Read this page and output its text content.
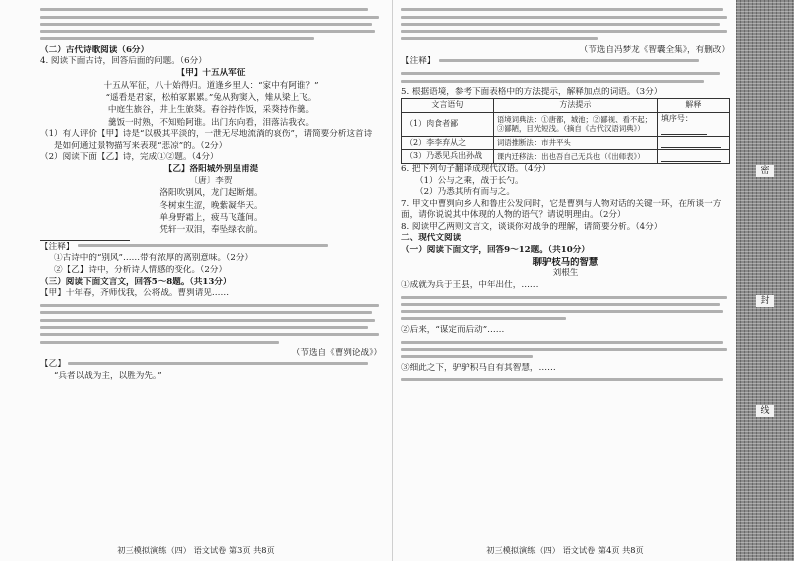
（二）古代诗歌阅读（6分）
4. 阅读下面古诗，回答后面的问题。（6分）
【甲】十五从军征
十五从军征，八十始得归。道逢乡里人：“家中有阿谁？”
“遥看是君家，松柏冢累累。”兔从狗窦入，雉从梁上飞。
中庭生旅谷，井上生旅葵。舂谷持作饭，采葵持作羹。
羹饭一时熟，不知贻阿谁。出门东向看，泪落沾我衣。
（1）有人评价【甲】诗是“以极其平淡的，一泄无尽地流淌的哀伤”，请简要分析这首诗
是如何通过景物描写来表现“悲凉”的。（2分）
（2）阅读下面【乙】诗，完成①②题。（4分）
【乙】洛阳城外别皇甫湜
〔唐〕李贺
洛阳吹别风，龙门起断烟。
冬树束生涩，晚紫凝华天。
单身野霜上，疲马飞蓬间。
凭轩一双泪，奉坠绿衣前。
【注释】
①古诗中的“别风”……带有浓厚的离别意味。（2分）
②【乙】诗中，分析诗人情感的变化。（2分）
（三）阅读下面文言文，回答5～8题。（共13分）
【甲】十年春，齐师伐我，公将战。曹刿请见……
（节选自《曹刿论战》）
【乙】
“兵者以战为主，以胜为先。”
初三模拟演练（四） 语文试卷 第3页 共8页
（节选自冯梦龙《智囊全集》，有删改）
【注释】
5. 根据语境，参考下面表格中的方法提示，解释加点的词语。（3分）
文言语句	方法提示	解释
（1）肉食者鄙	语境词典法：①唐都，城池；②鄙视、看不起；③鄙陋，目光短浅。（摘自《古代汉语词典》）	填序号：
（2）李李弃从之	词语推断法：市井平头	
（3）乃悉见兵出孙战	课内迁移法：出也吾自己无兵也（《出师表》）	
6. 把下列句子翻译成现代汉语。（4分）
（1）公与之乘，战于长勺。
（2）乃悉其所有而与之。
7. 甲文中曹刿向乡人和鲁庄公发问时，它是曹刿与人物对话的关键一环，在所谈一方面，请你说说其中体现的人物的语气？请说明理由。（2分）
8. 阅读甲乙两则文言文，谈谈你对战争的理解，请简要分析。（4分）
二、现代文阅读
（一）阅读下面文字，回答9～12题。（共10分）
聊驴枝马的智慧
刘根生
①成就为兵于王县，中年出仕，……
②后来，“谋定而后动”……
③细此之下，驴驴积马自有其智慧，……
初三模拟演练（四） 语文试卷 第4页 共8页
密
封
线
